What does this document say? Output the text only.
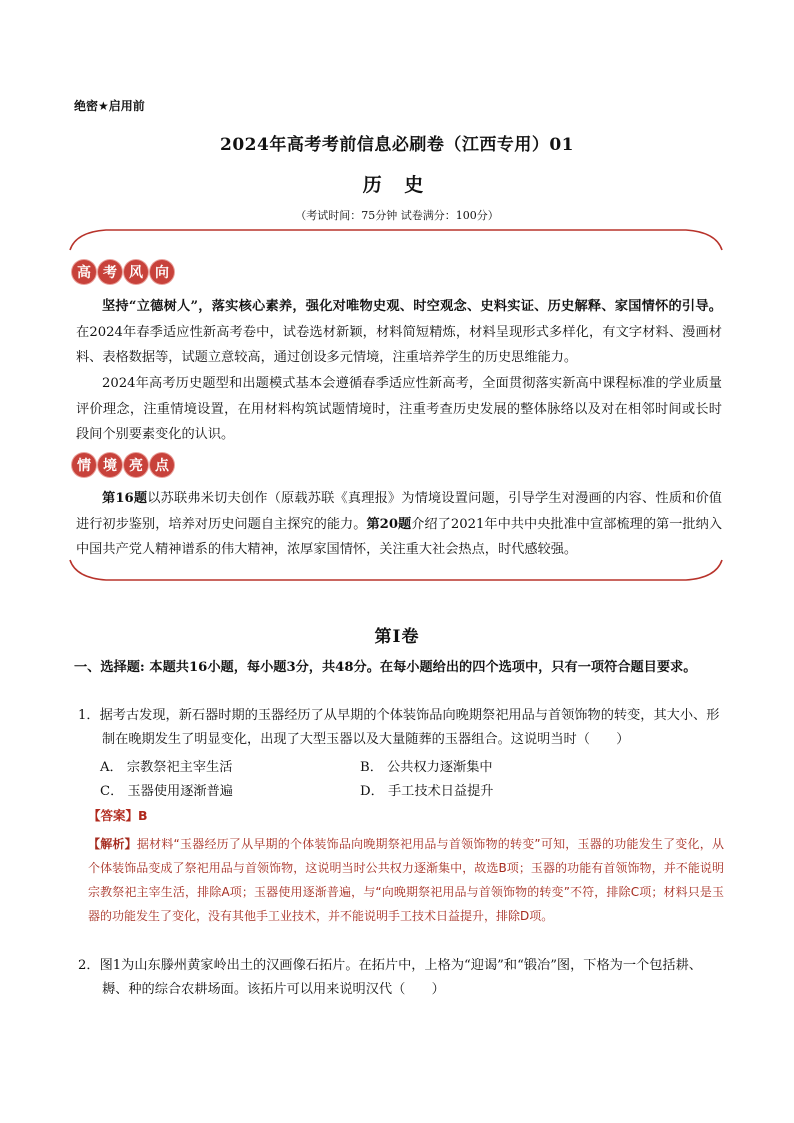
绝密★启用前
2024年高考考前信息必刷卷（江西专用）01
历 史
（考试时间：75分钟 试卷满分：100分）
高 考 风 向
坚持“立德树人”，落实核心素养，强化对唯物史观、时空观念、史料实证、历史解释、家国情怀的引导。在2024年春季适应性新高考卷中，试卷选材新颖，材料简短精炼，材料呈现形式多样化，有文字材料、漫画材料、表格数据等，试题立意较高，通过创设多元情境，注重培养学生的历史思维能力。
2024年高考历史题型和出题模式基本会遵循春季适应性新高考，全面贯彻落实新高中课程标准的学业质量评价理念，注重情境设置，在用材料构筑试题情境时，注重考查历史发展的整体脉络以及对在相邻时间或长时段间个别要素变化的认识。
情 境 亮 点
第16题以苏联弗米切夫创作（原载苏联《真理报》为情境设置问题，引导学生对漫画的内容、性质和价值进行初步鉴别，培养对历史问题自主探究的能力。第20题介绍了2021年中共中央批准中宣部梳理的第一批纳入中国共产党人精神谱系的伟大精神，浓厚家国情怀，关注重大社会热点，时代感较强。
第Ⅰ卷
一、选择题: 本题共16小题，每小题3分，共48分。在每小题给出的四个选项中，只有一项符合题目要求。
1．据考古发现，新石器时期的玉器经历了从早期的个体装饰品向晚期祭祀用品与首领饰物的转变，其大小、形制在晚期发生了明显变化，出现了大型玉器以及大量随葬的玉器组合。这说明当时（　　）
A． 宗教祭祀主宰生活	B． 公共权力逐渐集中
C． 玉器使用逐渐普遍	D． 手工技术日益提升
【答案】B
【解析】据材料“玉器经历了从早期的个体装饰品向晚期祭祀用品与首领饰物的转变”可知，玉器的功能发生了变化，从个体装饰品变成了祭祀用品与首领饰物，这说明当时公共权力逐渐集中，故选B项；玉器的功能有首领饰物，并不能说明宗教祭祀主宰生活，排除A项；玉器使用逐渐普遍，与“向晚期祭祀用品与首领饰物的转变”不符，排除C项；材料只是玉器的功能发生了变化，没有其他手工业技术，并不能说明手工技术日益提升，排除D项。
2．图1为山东滕州黄家岭出土的汉画像石拓片。在拓片中，上格为“迎谒”和“锻冶”图，下格为一个包括耕、耨、种的综合农耕场面。该拓片可以用来说明汉代（　　）
